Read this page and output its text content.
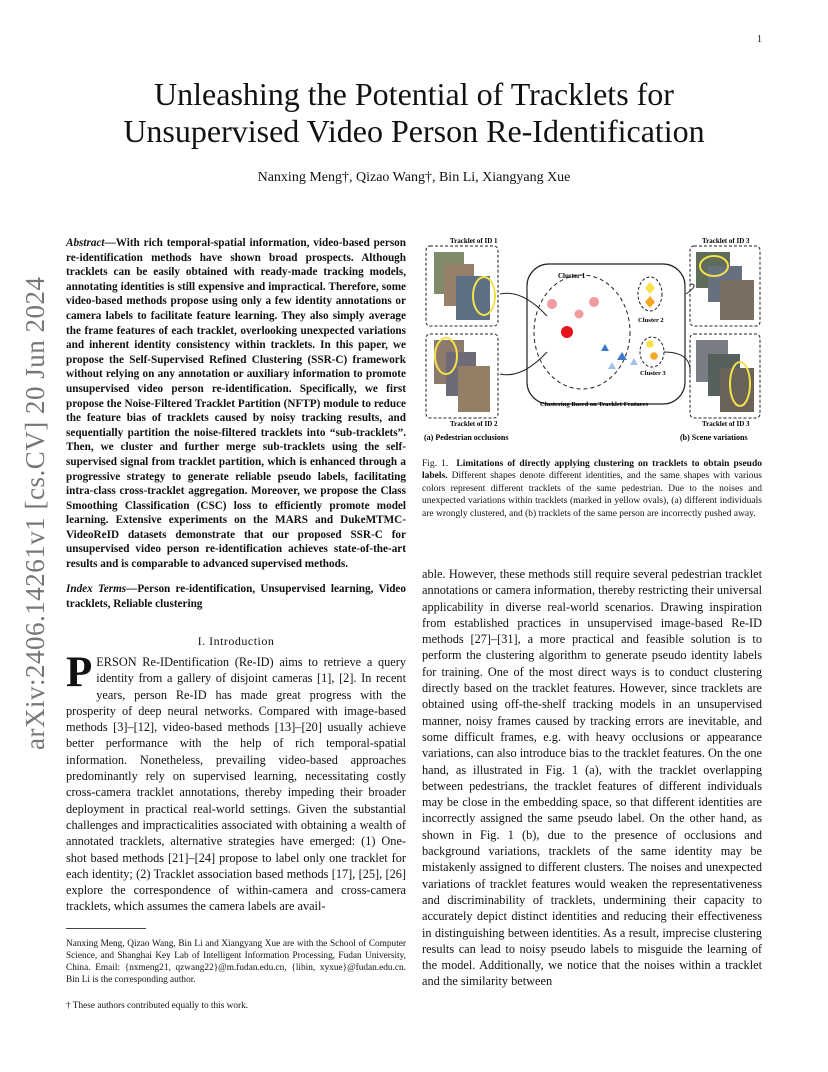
1
arXiv:2406.14261v1 [cs.CV] 20 Jun 2024
Unleashing the Potential of Tracklets for
Unsupervised Video Person Re-Identification
Nanxing Meng†, Qizao Wang†, Bin Li, Xiangyang Xue
Abstract—With rich temporal-spatial information, video-based person re-identification methods have shown broad prospects. Although tracklets can be easily obtained with ready-made tracking models, annotating identities is still expensive and impractical. Therefore, some video-based methods propose using only a few identity annotations or camera labels to facilitate feature learning. They also simply average the frame features of each tracklet, overlooking unexpected variations and inherent identity consistency within tracklets. In this paper, we propose the Self-Supervised Refined Clustering (SSR-C) framework without relying on any annotation or auxiliary information to promote unsupervised video person re-identification. Specifically, we first propose the Noise-Filtered Tracklet Partition (NFTP) module to reduce the feature bias of tracklets caused by noisy tracking results, and sequentially partition the noise-filtered tracklets into “sub-tracklets”. Then, we cluster and further merge sub-tracklets using the self-supervised signal from tracklet partition, which is enhanced through a progressive strategy to generate reliable pseudo labels, facilitating intra-class cross-tracklet aggregation. Moreover, we propose the Class Smoothing Classification (CSC) loss to efficiently promote model learning. Extensive experiments on the MARS and DukeMTMC-VideoReID datasets demonstrate that our proposed SSR-C for unsupervised video person re-identification achieves state-of-the-art results and is comparable to advanced supervised methods.
Index Terms—Person re-identification, Unsupervised learning, Video tracklets, Reliable clustering
I. Introduction
PERSON Re-IDentification (Re-ID) aims to retrieve a query identity from a gallery of disjoint cameras [1], [2]. In recent years, person Re-ID has made great progress with the prosperity of deep neural networks. Compared with image-based methods [3]–[12], video-based methods [13]–[20] usually achieve better performance with the help of rich temporal-spatial information. Nonetheless, prevailing video-based approaches predominantly rely on supervised learning, necessitating costly cross-camera tracklet annotations, thereby impeding their broader deployment in practical real-world settings. Given the substantial challenges and impracticalities associated with obtaining a wealth of annotated tracklets, alternative strategies have emerged: (1) One-shot based methods [21]–[24] propose to label only one tracklet for each identity; (2) Tracklet association based methods [17], [25], [26] explore the correspondence of within-camera and cross-camera tracklets, which assumes the camera labels are avail-
Nanxing Meng, Qizao Wang, Bin Li and Xiangyang Xue are with the School of Computer Science, and Shanghai Key Lab of Intelligent Information Processing, Fudan University, China. Email: {nxmeng21, qzwang22}@m.fudan.edu.cn, {libin, xyxue}@fudan.edu.cn. Bin Li is the corresponding author.
† These authors contributed equally to this work.
Tracklet of ID 1
Tracklet of ID 2
Clustering Based on Tracklet Features
Cluster 1
Cluster 2
Cluster 3
Tracklet of ID 3
Tracklet of ID 3
(a) Pedestrian occlusions	(b) Scene variations
Fig. 1. Limitations of directly applying clustering on tracklets to obtain pseudo labels. Different shapes denote different identities, and the same shapes with various colors represent different tracklets of the same pedestrian. Due to the noises and unexpected variations within tracklets (marked in yellow ovals), (a) different individuals are wrongly clustered, and (b) tracklets of the same person are incorrectly pushed away.
able. However, these methods still require several pedestrian tracklet annotations or camera information, thereby restricting their universal applicability in diverse real-world scenarios. Drawing inspiration from established practices in unsupervised image-based Re-ID methods [27]–[31], a more practical and feasible solution is to perform the clustering algorithm to generate pseudo identity labels for training. One of the most direct ways is to conduct clustering directly based on the tracklet features. However, since tracklets are obtained using off-the-shelf tracking models in an unsupervised manner, noisy frames caused by tracking errors are inevitable, and some difficult frames, e.g. with heavy occlusions or appearance variations, can also introduce bias to the tracklet features. On the one hand, as illustrated in Fig. 1 (a), with the tracklet overlapping between pedestrians, the tracklet features of different individuals may be close in the embedding space, so that different identities are incorrectly assigned the same pseudo label. On the other hand, as shown in Fig. 1 (b), due to the presence of occlusions and background variations, tracklets of the same identity may be mistakenly assigned to different clusters. The noises and unexpected variations of tracklet features would weaken the representativeness and discriminability of tracklets, undermining their capacity to accurately depict distinct identities and reducing their effectiveness in distinguishing between identities. As a result, imprecise clustering results can lead to noisy pseudo labels to misguide the learning of the model. Additionally, we notice that the noises within a tracklet and the similarity between
